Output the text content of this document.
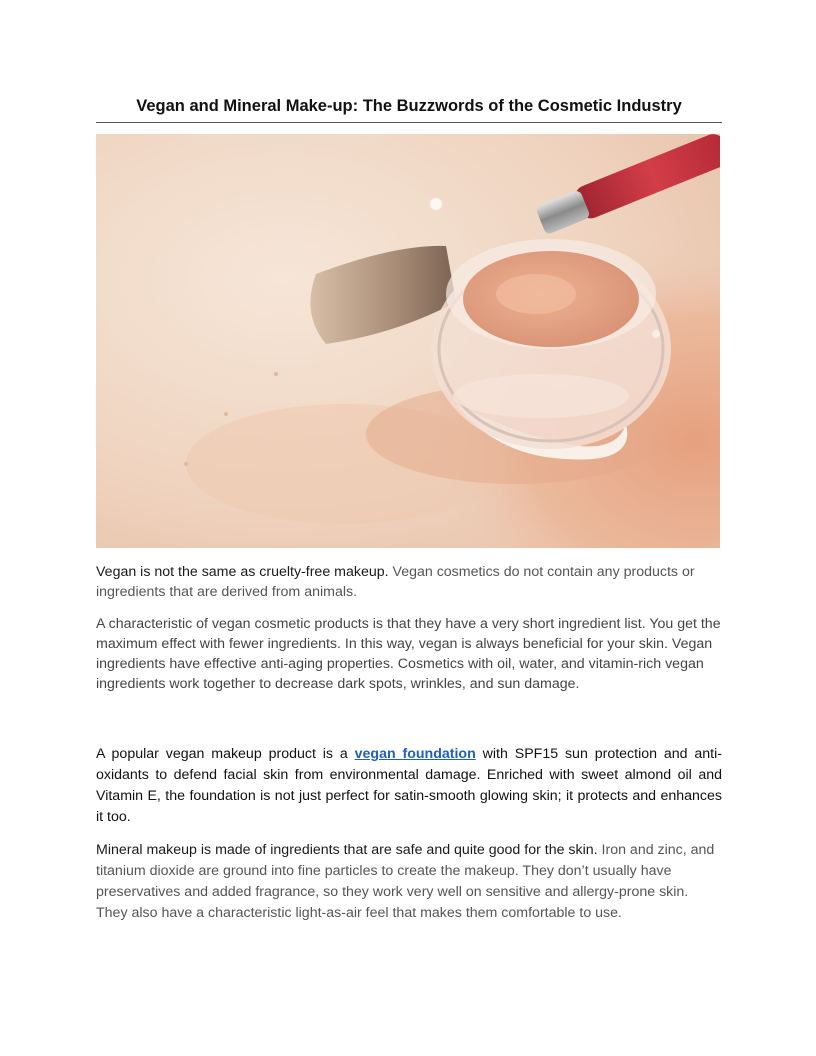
Vegan and Mineral Make-up: The Buzzwords of the Cosmetic Industry

Vegan is not the same as cruelty-free makeup. Vegan cosmetics do not contain any products or ingredients that are derived from animals.

A characteristic of vegan cosmetic products is that they have a very short ingredient list. You get the maximum effect with fewer ingredients. In this way, vegan is always beneficial for your skin. Vegan ingredients have effective anti-aging properties. Cosmetics with oil, water, and vitamin-rich vegan ingredients work together to decrease dark spots, wrinkles, and sun damage.

A popular vegan makeup product is a vegan foundation with SPF15 sun protection and anti-oxidants to defend facial skin from environmental damage. Enriched with sweet almond oil and Vitamin E, the foundation is not just perfect for satin-smooth glowing skin; it protects and enhances it too.

Mineral makeup is made of ingredients that are safe and quite good for the skin. Iron and zinc, and titanium dioxide are ground into fine particles to create the makeup. They don’t usually have preservatives and added fragrance, so they work very well on sensitive and allergy-prone skin. They also have a characteristic light-as-air feel that makes them comfortable to use.
